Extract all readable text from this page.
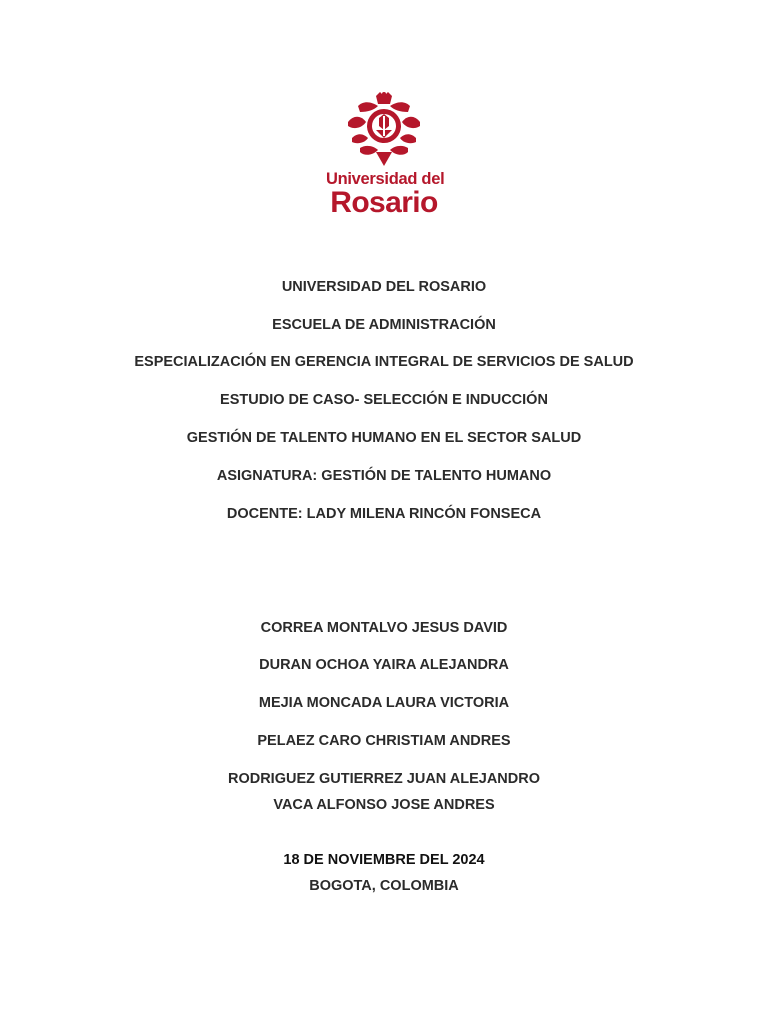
Universidad del
Rosario
UNIVERSIDAD DEL ROSARIO
ESCUELA DE ADMINISTRACIÓN
ESPECIALIZACIÓN EN GERENCIA INTEGRAL DE SERVICIOS DE SALUD
ESTUDIO DE CASO- SELECCIÓN E INDUCCIÓN
GESTIÓN DE TALENTO HUMANO EN EL SECTOR SALUD
ASIGNATURA: GESTIÓN DE TALENTO HUMANO
DOCENTE: LADY MILENA RINCÓN FONSECA
CORREA MONTALVO JESUS DAVID
DURAN OCHOA YAIRA ALEJANDRA
MEJIA MONCADA LAURA VICTORIA
PELAEZ CARO CHRISTIAM ANDRES
RODRIGUEZ GUTIERREZ JUAN ALEJANDRO
VACA ALFONSO JOSE ANDRES
18 DE NOVIEMBRE DEL 2024
BOGOTA, COLOMBIA
